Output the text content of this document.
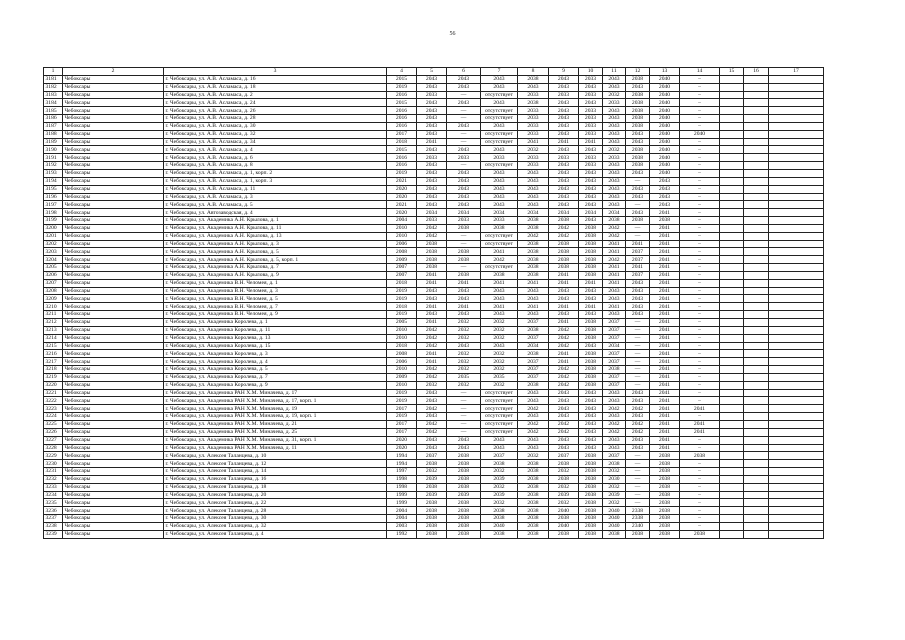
56
1	2	3	4	5	6	7	8	9	10	11	12	13	14	15	16	17
3181	Чебоксары	г. Чебоксары, ул. А.В. Асламаса, д. 16	2015	2043	2043	2043	2038	2043	2033	2043	2038	2040	–			
3182	Чебоксары	г. Чебоксары, ул. А.В. Асламаса, д. 18	2019	2043	2043	2043	2043	2043	2043	2043	2043	2040	–			
3183	Чебоксары	г. Чебоксары, ул. А.В. Асламаса, д. 2	2016	2033	—	отсутствует	2033	2033	2033	2032	2038	2040	–			
3184	Чебоксары	г. Чебоксары, ул. А.В. Асламаса, д. 24	2015	2043	2043	2043	2038	2043	2043	2033	2038	2040	–			
3185	Чебоксары	г. Чебоксары, ул. А.В. Асламаса, д. 26	2016	2043	—	отсутствует	2033	2043	2033	2043	2038	2040	–			
3186	Чебоксары	г. Чебоксары, ул. А.В. Асламаса, д. 28	2016	2043	—	отсутствует	2033	2043	2033	2043	2038	2040	–			
3187	Чебоксары	г. Чебоксары, ул. А.В. Асламаса, д. 30	2016	2043	2043	2043	2033	2043	2033	2043	2038	2040	–			
3188	Чебоксары	г. Чебоксары, ул. А.В. Асламаса, д. 32	2017	2043	—	отсутствует	2033	2043	2033	2043	2043	2040	2040			
3189	Чебоксары	г. Чебоксары, ул. А.В. Асламаса, д. 34	2018	2041	—	отсутствует	2041	2041	2041	2043	2043	2040	–			
3190	Чебоксары	г. Чебоксары, ул. А.В. Асламаса, д. 4	2015	2043	2043	2043	2032	2043	2043	2032	2038	2040	–			
3191	Чебоксары	г. Чебоксары, ул. А.В. Асламаса, д. 6	2016	2033	2033	2033	2033	2033	2033	2033	2038	2040	–			
3192	Чебоксары	г. Чебоксары, ул. А.В. Асламаса, д. 8	2016	2043	—	отсутствует	2033	2043	2033	2043	2038	2040	–			
3193	Чебоксары	г. Чебоксары, ул. А.В. Асламаса, д. 1, корп. 2	2019	2043	2043	2043	2043	2043	2043	2043	2043	2040	–			
3194	Чебоксары	г. Чебоксары, ул. А.В. Асламаса, д. 1, корп. 3	2021	2043	2043	2043	2043	2043	2043	2043	—	2043	–			
3195	Чебоксары	г. Чебоксары, ул. А.В. Асламаса, д. 11	2020	2043	2043	2043	2043	2043	2043	2043	2043	2043	–			
3196	Чебоксары	г. Чебоксары, ул. А.В. Асламаса, д. 3	2020	2043	2043	2043	2043	2043	2043	2043	2043	2043	–			
3197	Чебоксары	г. Чебоксары, ул. А.В. Асламаса, д. 5	2021	2043	2043	2043	2043	2043	2043	2043	—	2043	–			
3198	Чебоксары	г. Чебоксары, ул. Автозаводская, д. 4	2020	2034	2034	2034	2034	2034	2034	2034	2043	2041	–			
3199	Чебоксары	г. Чебоксары, ул. Академика А.Н. Крылова, д. 1	2004	2033	2033	2033	2038	2038	2043	2038	2038	2038	–			
3200	Чебоксары	г. Чебоксары, ул. Академика А.Н. Крылова, д. 11	2010	2042	2038	2038	2038	2042	2038	2042	—	2041	–			
3201	Чебоксары	г. Чебоксары, ул. Академика А.Н. Крылова, д. 13	2010	2042	—	отсутствует	2042	2042	2038	2042	—	2041	–			
3202	Чебоксары	г. Чебоксары, ул. Академика А.Н. Крылова, д. 3	2006	2038	—	отсутствует	2038	2038	2038	2041	2041	2041	–			
3203	Чебоксары	г. Чебоксары, ул. Академика А.Н. Крылова, д. 5	2008	2038	2038	2041	2038	2038	2038	2041	2037	2041	–			
3204	Чебоксары	г. Чебоксары, ул. Академика А.Н. Крылова, д. 5, корп. 1	2009	2038	2038	2042	2038	2038	2038	2042	2037	2041	–			
3205	Чебоксары	г. Чебоксары, ул. Академика А.Н. Крылова, д. 7	2007	2038	—	отсутствует	2038	2038	2038	2041	2041	2041	–			
3206	Чебоксары	г. Чебоксары, ул. Академика А.Н. Крылова, д. 9	2007	2041	2038	2038	2038	2041	2038	2041	2037	2041	–			
3207	Чебоксары	г. Чебоксары, ул. Академика В.Н. Челомея, д. 1	2018	2041	2041	2041	2041	2041	2041	2041	2043	2041	–			
3208	Чебоксары	г. Чебоксары, ул. Академика В.Н. Челомея, д. 3	2019	2043	2043	2043	2043	2043	2043	2043	2043	2041	–			
3209	Чебоксары	г. Чебоксары, ул. Академика В.Н. Челомея, д. 5	2019	2043	2043	2043	2043	2043	2043	2043	2043	2041	–			
3210	Чебоксары	г. Чебоксары, ул. Академика В.Н. Челомея, д. 7	2018	2041	2041	2041	2041	2041	2041	2041	2043	2041	–			
3211	Чебоксары	г. Чебоксары, ул. Академика В.Н. Челомея, д. 9	2019	2043	2043	2043	2043	2043	2043	2043	2043	2041	–			
3212	Чебоксары	г. Чебоксары, ул. Академика Королева, д. 1	2005	2041	2032	2032	2037	2041	2038	2037	—	2041	–			
3213	Чебоксары	г. Чебоксары, ул. Академика Королева, д. 11	2010	2042	2032	2032	2038	2042	2038	2037	—	2041	–			
3214	Чебоксары	г. Чебоксары, ул. Академика Королева, д. 13	2010	2042	2032	2032	2037	2042	2038	2037	—	2041	–			
3215	Чебоксары	г. Чебоксары, ул. Академика Королева, д. 15	2018	2042	2043	2043	2034	2042	2043	2034	—	2041	–			
3216	Чебоксары	г. Чебоксары, ул. Академика Королева, д. 3	2008	2041	2032	2032	2038	2041	2038	2037	—	2041	–			
3217	Чебоксары	г. Чебоксары, ул. Академика Королева, д. 4	2006	2041	2032	2032	2037	2041	2038	2037	—	2041	–			
3218	Чебоксары	г. Чебоксары, ул. Академика Королева, д. 5	2010	2042	2032	2032	2037	2042	2038	2038	—	2041	–			
3219	Чебоксары	г. Чебоксары, ул. Академика Королева, д. 7	2009	2042	2035	2035	2037	2042	2038	2037	—	2041	–			
3220	Чебоксары	г. Чебоксары, ул. Академика Королева, д. 9	2010	2032	2032	2032	2038	2042	2038	2037	—	2041	–			
3221	Чебоксары	г. Чебоксары, ул. Академика РАН Х.М. Миначева, д. 17	2019	2043	—	отсутствует	2043	2043	2043	2043	2043	2041	–			
3222	Чебоксары	г. Чебоксары, ул. Академика РАН Х.М. Миначева, д. 17, корп. 1	2019	2043	—	отсутствует	2043	2043	2043	2043	2043	2041	–			
3223	Чебоксары	г. Чебоксары, ул. Академика РАН Х.М. Миначева, д. 19	2017	2042	—	отсутствует	2042	2043	2043	2042	2042	2041	2041			
3224	Чебоксары	г. Чебоксары, ул. Академика РАН Х.М. Миначева, д. 19, корп. 1	2019	2043	—	отсутствует	2043	2043	2043	2043	2043	2041	–			
3225	Чебоксары	г. Чебоксары, ул. Академика РАН Х.М. Миначева, д. 21	2017	2042	—	отсутствует	2042	2042	2043	2042	2042	2041	2041			
3226	Чебоксары	г. Чебоксары, ул. Академика РАН Х.М. Миначева, д. 25	2017	2042	—	отсутствует	2042	2042	2043	2042	2042	2041	2041			
3227	Чебоксары	г. Чебоксары, ул. Академика РАН Х.М. Миначева, д. 31, корп. 1	2020	2043	2043	2043	2043	2043	2043	2043	2043	2041	–			
3228	Чебоксары	г. Чебоксары, ул. Академика РАН Х.М. Миначева, д. 11	2020	2043	2043	2043	2043	2043	2043	2043	2043	2041	–			
3229	Чебоксары	г. Чебоксары, ул. Алексея Таланцева, д. 10	1994	2037	2038	2037	2032	2037	2038	2037	—	2038	2038			
3230	Чебоксары	г. Чебоксары, ул. Алексея Таланцева, д. 12	1994	2038	2038	2038	2038	2038	2038	2038	—	2038	–			
3231	Чебоксары	г. Чебоксары, ул. Алексея Таланцева, д. 14	1997	2032	2038	2032	2038	2032	2038	2032	—	2038	–			
3232	Чебоксары	г. Чебоксары, ул. Алексея Таланцева, д. 16	1998	2039	2038	2039	2038	2038	2038	2030	—	2038	–			
3233	Чебоксары	г. Чебоксары, ул. Алексея Таланцева, д. 18	1998	2038	2038	2032	2038	2032	2038	2032	—	2038	–			
3234	Чебоксары	г. Чебоксары, ул. Алексея Таланцева, д. 20	1999	2039	2039	2039	2038	2039	2038	2039	—	2038	–			
3235	Чебоксары	г. Чебоксары, ул. Алексея Таланцева, д. 22	1999	2038	2038	2032	2038	2032	2038	2032	—	2038	–			
3236	Чебоксары	г. Чебоксары, ул. Алексея Таланцева, д. 28	2004	2038	2038	2038	2038	2040	2038	2040	2338	2038	–			
3237	Чебоксары	г. Чебоксары, ул. Алексея Таланцева, д. 30	2004	2038	2038	2038	2038	2038	2038	2040	2338	2038	–			
3238	Чебоксары	г. Чебоксары, ул. Алексея Таланцева, д. 32	2003	2038	2038	2040	2038	2040	2038	2040	2340	2038	–			
3239	Чебоксары	г. Чебоксары, ул. Алексея Таланцева, д. 4	1992	2038	2038	2038	2038	2038	2038	2038	2038	2038	2038			
